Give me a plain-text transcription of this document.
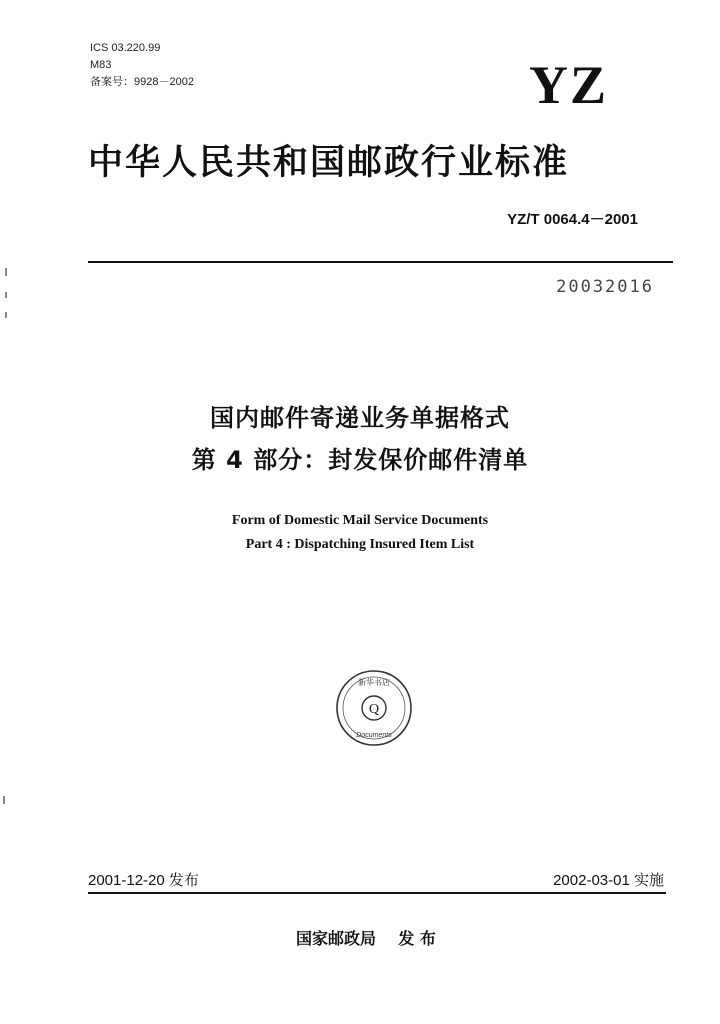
ICS 03.220.99
M83
备案号：9928－2002	YZ
中华人民共和国邮政行业标准
YZ/T 0064.4－2001
20032016
国内邮件寄递业务单据格式
第 4 部分：封发保价邮件清单
Form of Domestic Mail Service Documents
Part 4 : Dispatching Insured Item List
Q
新华书店
Documents
2001-12-20 发布	2002-03-01 实施
国家邮政局    发 布
